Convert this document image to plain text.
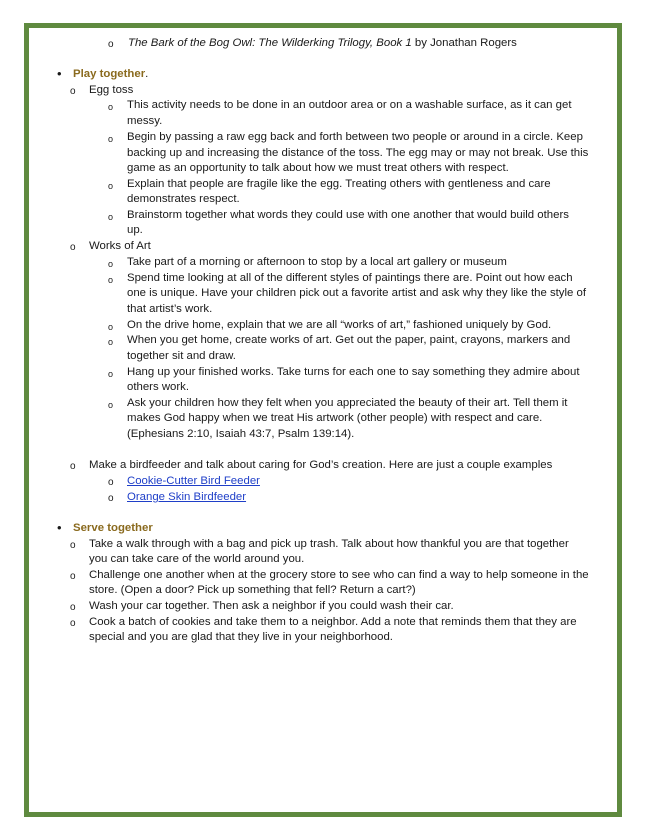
o The Bark of the Bog Owl: The Wilderking Trilogy, Book 1 by Jonathan Rogers
• Play together.
o Egg toss
o This activity needs to be done in an outdoor area or on a washable surface, as it can get
messy.
o Begin by passing a raw egg back and forth between two people or around in a circle. Keep
backing up and increasing the distance of the toss. The egg may or may not break. Use this
game as an opportunity to talk about how we must treat others with respect.
o Explain that people are fragile like the egg. Treating others with gentleness and care
demonstrates respect.
o Brainstorm together what words they could use with one another that would build others
up.
o Works of Art
o Take part of a morning or afternoon to stop by a local art gallery or museum
o Spend time looking at all of the different styles of paintings there are. Point out how each
one is unique. Have your children pick out a favorite artist and ask why they like the style of
that artist’s work.
o On the drive home, explain that we are all “works of art,” fashioned uniquely by God.
o When you get home, create works of art. Get out the paper, paint, crayons, markers and
together sit and draw.
o Hang up your finished works. Take turns for each one to say something they admire about
others work.
o Ask your children how they felt when you appreciated the beauty of their art. Tell them it
makes God happy when we treat His artwork (other people) with respect and care.
(Ephesians 2:10, Isaiah 43:7, Psalm 139:14).
o Make a birdfeeder and talk about caring for God’s creation. Here are just a couple examples
o Cookie-Cutter Bird Feeder
o Orange Skin Birdfeeder
• Serve together
o Take a walk through with a bag and pick up trash. Talk about how thankful you are that together
you can take care of the world around you.
o Challenge one another when at the grocery store to see who can find a way to help someone in the
store. (Open a door? Pick up something that fell? Return a cart?)
o Wash your car together. Then ask a neighbor if you could wash their car.
o Cook a batch of cookies and take them to a neighbor. Add a note that reminds them that they are
special and you are glad that they live in your neighborhood.
